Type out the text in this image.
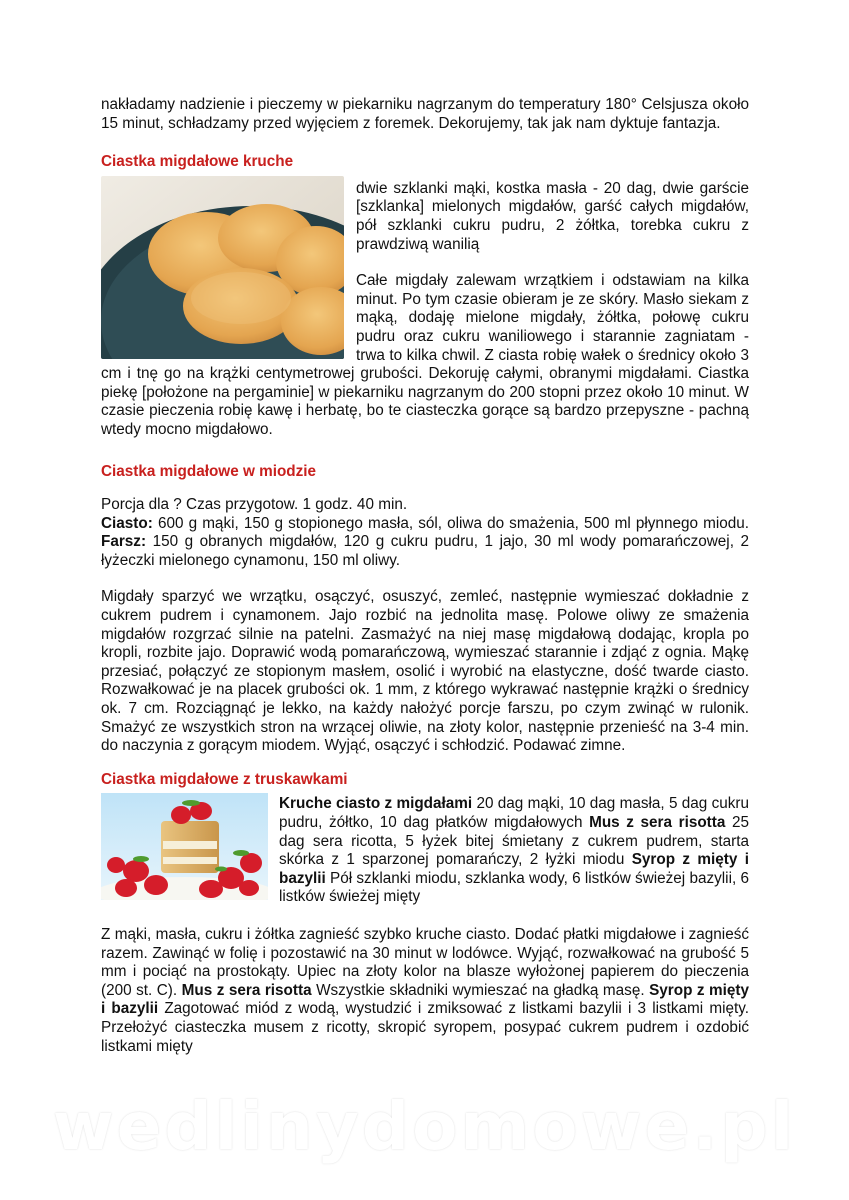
nakładamy nadzienie i pieczemy w piekarniku nagrzanym do temperatury 180° Celsjusza około 15 minut, schładzamy przed wyjęciem z foremek. Dekorujemy, tak jak nam dyktuje fantazja.

Ciastka migdałowe kruche

dwie szklanki mąki, kostka masła - 20 dag, dwie garście [szklanka] mielonych migdałów, garść całych migdałów, pół szklanki cukru pudru, 2 żółtka, torebka cukru z prawdziwą wanilią

Całe migdały zalewam wrzątkiem i odstawiam na kilka minut. Po tym czasie obieram je ze skóry. Masło siekam z mąką, dodaję mielone migdały, żółtka, połowę cukru pudru oraz cukru waniliowego i starannie zagniatam - trwa to kilka chwil. Z ciasta robię wałek o średnicy około 3 cm i tnę go na krążki centymetrowej grubości. Dekoruję całymi, obranymi migdałami. Ciastka piekę [położone na pergaminie] w piekarniku nagrzanym do 200 stopni przez około 10 minut. W czasie pieczenia robię kawę i herbatę, bo te ciasteczka gorące są bardzo przepyszne - pachną wtedy mocno migdałowo.

Ciastka migdałowe w miodzie

Porcja dla ? Czas przygotow. 1 godz. 40 min.

Ciasto: 600 g mąki, 150 g stopionego masła, sól, oliwa do smażenia, 500 ml płynnego miodu. Farsz: 150 g obranych migdałów, 120 g cukru pudru, 1 jajo, 30 ml wody pomarańczowej, 2 łyżeczki mielonego cynamonu, 150 ml oliwy.

Migdały sparzyć we wrzątku, osączyć, osuszyć, zemleć, następnie wymieszać dokładnie z cukrem pudrem i cynamonem. Jajo rozbić na jednolita masę. Polowe oliwy ze smażenia migdałów rozgrzać silnie na patelni. Zasmażyć na niej masę migdałową dodając, kropla po kropli, rozbite jajo. Doprawić wodą pomarańczową, wymieszać starannie i zdjąć z ognia. Mąkę przesiać, połączyć ze stopionym masłem, osolić i wyrobić na elastyczne, dość twarde ciasto. Rozwałkować je na placek grubości ok. 1 mm, z którego wykrawać następnie krążki o średnicy ok. 7 cm. Rozciągnąć je lekko, na każdy nałożyć porcje farszu, po czym zwinąć w rulonik. Smażyć ze wszystkich stron na wrzącej oliwie, na złoty kolor, następnie przenieść na 3-4 min. do naczynia z gorącym miodem. Wyjąć, osączyć i schłodzić. Podawać zimne.

Ciastka migdałowe z truskawkami

Kruche ciasto z migdałami 20 dag mąki, 10 dag masła, 5 dag cukru pudru, żółtko, 10 dag płatków migdałowych Mus z sera risotta 25 dag sera ricotta, 5 łyżek bitej śmietany z cukrem pudrem, starta skórka z 1 sparzonej pomarańczy, 2 łyżki miodu Syrop z mięty i bazylii Pół szklanki miodu, szklanka wody, 6 listków świeżej bazylii, 6 listków świeżej mięty

Z mąki, masła, cukru i żółtka zagnieść szybko kruche ciasto. Dodać płatki migdałowe i zagnieść razem. Zawinąć w folię i pozostawić na 30 minut w lodówce. Wyjąć, rozwałkować na grubość 5 mm i pociąć na prostokąty. Upiec na złoty kolor na blasze wyłożonej papierem do pieczenia (200 st. C). Mus z sera risotta Wszystkie składniki wymieszać na gładką masę. Syrop z mięty i bazylii Zagotować miód z wodą, wystudzić i zmiksować z listkami bazylii i 3 listkami mięty. Przełożyć ciasteczka musem z ricotty, skropić syropem, posypać cukrem pudrem i ozdobić listkami mięty

wedlinydomowe.pl
